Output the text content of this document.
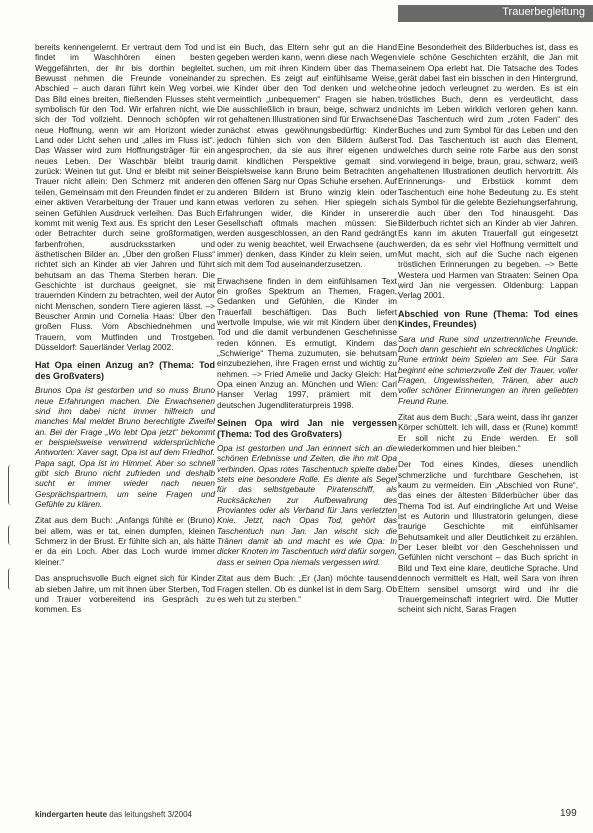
Trauerbegleitung

bereits kennengelernt. Er vertraut dem Tod und findet im Waschhören einen besten Weggefährten, der ihr bis dorthin begleitet. Bewusst nehmen die Freunde voneinander Abschied – auch daran führt kein Weg vorbei. Das Bild eines breiten, fließenden Flusses steht symbolisch für den Tod. Wir erfahren nicht, wie sich der Tod vollzieht. Dennoch schöpfen wir neue Hoffnung, wenn wir am Horizont wieder Land oder Licht sehen und „alles im Fluss ist“. Das Wasser wird zum Hoffnungsträger für ein neues Leben. Der Waschbär bleibt traurig zurück: Weinen tut gut. Und er bleibt mit seiner Trauer nicht allein: Den Schmerz mit anderen teilen, Gemeinsam mit den Freunden findet er zu einer aktiven Verarbeitung der Trauer und kann seinen Gefühlen Ausdruck verleihen. Das Buch kommt mit wenig Text aus. Es spricht den Leser oder Betrachter durch seine großformatigen, farbenfrohen, ausdrucksstarken und ästhetischen Bilder an. „Über den großen Fluss“ richtet sich an Kinder ab vier Jahren und führt behutsam an das Thema Sterben heran. Die Geschichte ist durchaus geeignet, sie mit trauernden Kindern zu betrachten, weil der Autor nicht Menschen, sondern Tiere agieren lässt. –> Beuscher Armin und Cornelia Haas: Über den großen Fluss. Vom Abschiednehmen und Trauern, vom Mutfinden und Trostgeben. Düsseldorf: Sauerländer Verlag 2002.

Hat Opa einen Anzug an? (Thema: Tod des Großvaters)

Brunos Opa ist gestorben und so muss Bruno neue Erfahrungen machen. Die Erwachsenen sind ihm dabei nicht immer hilfreich und manches Mal meldet Bruno berechtigte Zweifel an. Bei der Frage „Wo lebt Opa jetzt“ bekommt er beispielsweise verwirrend widersprüchliche Antworten: Xaver sagt, Opa ist auf dem Friedhof. Papa sagt, Opa ist im Himmel. Aber so schnell gibt sich Bruno nicht zufrieden und deshalb sucht er immer wieder nach neuen Gesprächspartnern, um seine Fragen und Gefühle zu klären.

Zitat aus dem Buch: „Anfangs fühlte er (Bruno) bei allem, was er tat, einen dumpfen, kleinen Schmerz in der Brust. Er fühlte sich an, als hätte er da ein Loch. Aber das Loch wurde immer kleiner.“

Das anspruchsvolle Buch eignet sich für Kinder ab sieben Jahre, um mit ihnen über Sterben, Tod und Trauer vorbereitend ins Gespräch zu kommen. Es

ist ein Buch, das Eltern sehr gut an die Hand gegeben werden kann, wenn diese nach Wegen suchen, um mit ihren Kindern über das Thema zu sprechen. Es zeigt auf einfühlsame Weise, wie Kinder über den Tod denken und welche vermeintlich „unbequemen“ Fragen sie haben. Die ausschließlich in braun, beige, schwarz und rot gehaltenen Illustrationen sind für Erwachsene zunächst etwas gewöhnungsbedürftig: Kinder jedoch fühlen sich von den Bildern äußerst angesprochen, da sie aus ihrer eigenen und damit kindlichen Perspektive gemalt sind. Beispielsweise kann Bruno beim Betrachten an den offenen Sarg nur Opas Schuhe ersehen. Auf anderen Bildern ist Bruno winzig klein oder etwas verloren zu sehen. Hier spiegeln sich Erfahrungen wider, die Kinder in unserer Gesellschaft oftmals machen müssen: Sie werden ausgeschlossen, an den Rand gedrängt oder zu wenig beachtet, weil Erwachsene (auch immer) denken, dass Kinder zu klein seien, um sich mit dem Tod auseinanderzusetzen.

Erwachsene finden in dem einfühlsamen Text ein großes Spektrum an Themen, Fragen, Gedanken und Gefühlen, die Kinder im Trauerfall beschäftigen. Das Buch liefert wertvolle Impulse, wie wir mit Kindern über den Tod und die damit verbundenen Geschehnisse reden können. Es ermutigt, Kindern das „Schwierige“ Thema zuzumuten, sie behutsam einzubeziehen, ihre Fragen ernst und wichtig zu nehmen. –> Fried Amelie und Jacky Gleich: Hat Opa einen Anzug an. München und Wien: Carl Hanser Verlag 1997, prämiert mit dem deutschen Jugendliteraturpreis 1998.

Seinen Opa wird Jan nie vergessen (Thema: Tod des Großvaters)

Opa ist gestorben und Jan erinnert sich an die schönen Erlebnisse und Zeiten, die ihn mit Opa verbinden. Opas rotes Taschentuch spielte dabei stets eine besondere Rolle. Es diente als Segel für das selbstgebaute Piratenschiff, als Rucksäckchen zur Aufbewahrung des Proviantes oder als Verband für Jans verletzten Knie. Jetzt, nach Opas Tod, gehört das Taschentuch nun Jan. Jan wischt sich die Tränen damit ab und macht es wie Opa: In dicker Knoten im Taschentuch wird dafür sorgen, dass er seinen Opa niemals vergessen wird.

Zitat aus dem Buch: „Er (Jan) möchte tausend Fragen stellen. Ob es dunkel ist in dem Sarg. Ob es weh tut zu sterben.“

Eine Besonderheit des Bilderbuches ist, dass es viele schöne Geschichten erzählt, die Jan mit seinem Opa erlebt hat. Die Tatsache des Todes gerät dabei fast ein bisschen in den Hintergrund, ohne jedoch verleugnet zu werden. Es ist ein tröstliches Buch, denn es verdeutlicht, dass nichts im Leben wirklich verloren gehen kann. Das Taschentuch wird zum „roten Faden“ des Buches und zum Symbol für das Leben und den Tod. Das Taschentuch ist auch das Element, welches durch seine rote Farbe aus den sonst vorwiegend in beige, braun, grau, schwarz, weiß gehaltenen Illustrationen deutlich hervortritt. Als Erinnerungs- und Erbstück kommt dem Taschentuch eine hohe Bedeutung zu. Es steht als Symbol für die gelebte Beziehungserfahrung, die auch über den Tod hinausgeht. Das Bilderbuch richtet sich an Kinder ab vier Jahren. Es kann im akuten Trauerfall gut eingesetzt werden, da es sehr viel Hoffnung vermittelt und Mut macht, sich auf die Suche nach eigenen tröstlichen Erinnerungen zu begeben. –> Bette Westera und Harmen van Straaten: Seinen Opa wird Jan nie vergessen. Oldenburg: Lappan Verlag 2001.

Abschied von Rune (Thema: Tod eines Kindes, Freundes)

Sara und Rune sind unzertrennliche Freunde. Doch dann geschieht ein schreckliches Unglück: Rune ertrinkt beim Spielen am See. Für Sara beginnt eine schmerzvolle Zeit der Trauer, voller Fragen, Ungewissheiten, Tränen, aber auch voller schöner Erinnerungen an ihren geliebten Freund Rune.

Zitat aus dem Buch: „Sara weint, dass ihr ganzer Körper schüttelt. Ich will, dass er (Rune) kommt! Er soll nicht zu Ende werden. Er soll wiederkommen und hier bleiben.“

Der Tod eines Kindes, dieses unendlich schmerzliche und furchtbare Geschehen, ist kaum zu vermeiden. Ein „Abschied von Rune“, das eines der ältesten Bilderbücher über das Thema Tod ist. Auf eindringliche Art und Weise ist es Autorin und Illustratorin gelungen, diese traurige Geschichte mit einfühlsamer Behutsamkeit und aller Deutlichkeit zu erzählen. Der Leser bleibt vor den Geschehnissen und Gefühlen nicht verschont – das Buch spricht in Bild und Text eine klare, deutliche Sprache. Und dennoch vermittelt es Halt, weil Sara von ihren Eltern sensibel umsorgt wird und ihr die Trauergemeinschaft integriert wird. Die Mutter scheint sich nicht, Saras Fragen

kindergarten heute das leitungsheft 3/2004	199
